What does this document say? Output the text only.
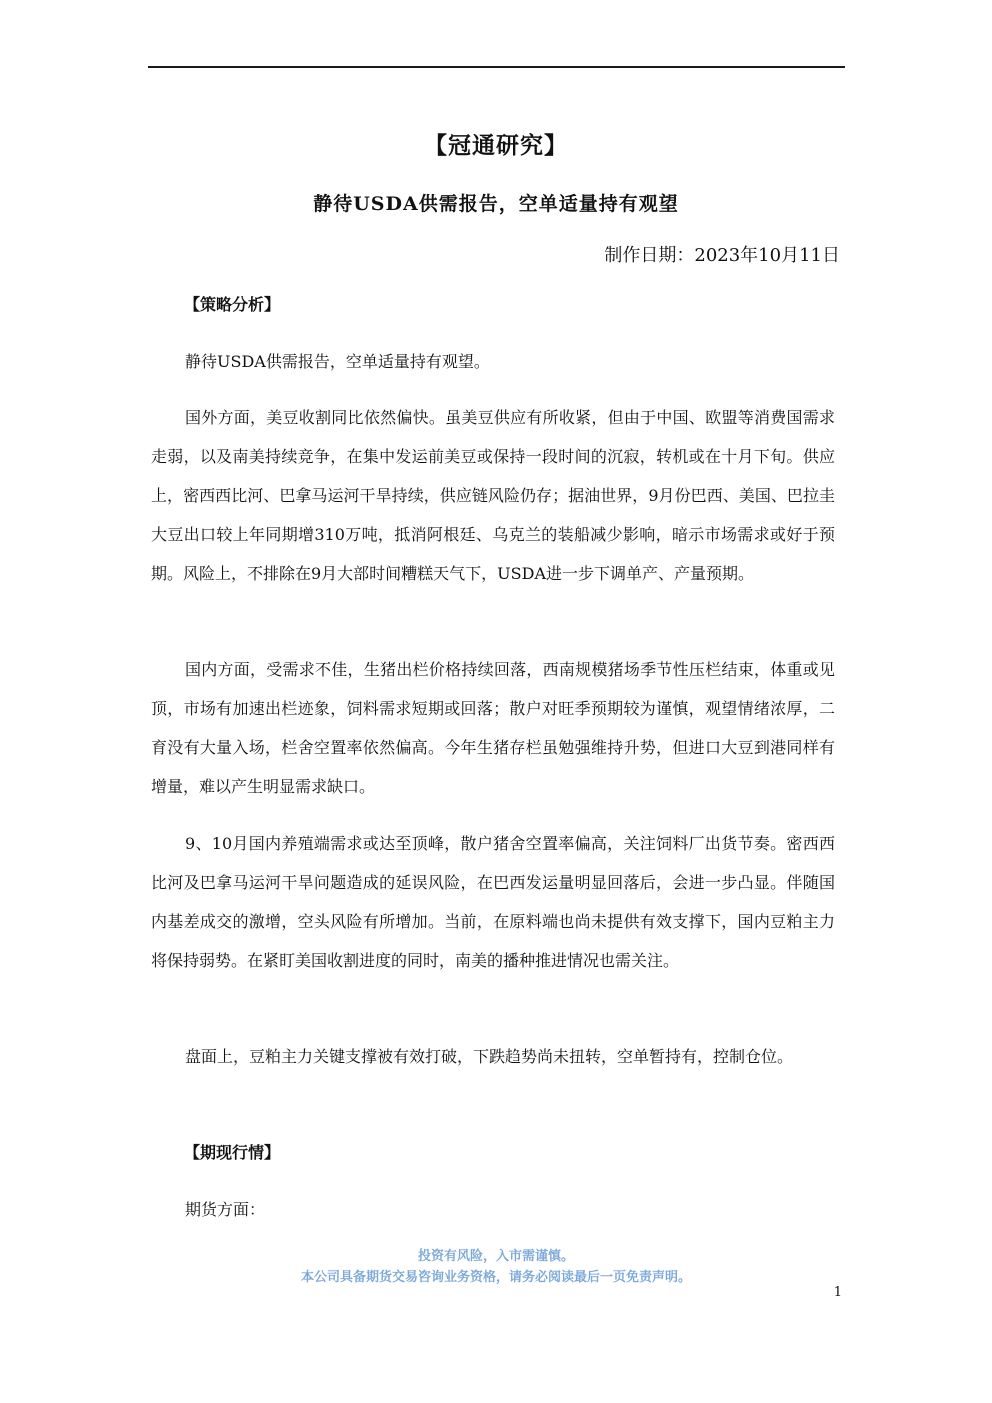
【冠通研究】
静待USDA供需报告，空单适量持有观望
制作日期：2023年10月11日
【策略分析】

静待USDA供需报告，空单适量持有观望。

国外方面，美豆收割同比依然偏快。虽美豆供应有所收紧，但由于中国、欧盟等消费国需求走弱，以及南美持续竞争，在集中发运前美豆或保持一段时间的沉寂，转机或在十月下旬。供应上，密西西比河、巴拿马运河干旱持续，供应链风险仍存；据油世界，9月份巴西、美国、巴拉圭大豆出口较上年同期增310万吨，抵消阿根廷、乌克兰的装船减少影响，暗示市场需求或好于预期。风险上，不排除在9月大部时间糟糕天气下，USDA进一步下调单产、产量预期。

国内方面，受需求不佳，生猪出栏价格持续回落，西南规模猪场季节性压栏结束，体重或见顶，市场有加速出栏迹象，饲料需求短期或回落；散户对旺季预期较为谨慎，观望情绪浓厚，二育没有大量入场，栏舍空置率依然偏高。今年生猪存栏虽勉强维持升势，但进口大豆到港同样有增量，难以产生明显需求缺口。

9、10月国内养殖端需求或达至顶峰，散户猪舍空置率偏高，关注饲料厂出货节奏。密西西比河及巴拿马运河干旱问题造成的延误风险，在巴西发运量明显回落后，会进一步凸显。伴随国内基差成交的激增，空头风险有所增加。当前，在原料端也尚未提供有效支撑下，国内豆粕主力将保持弱势。在紧盯美国收割进度的同时，南美的播种推进情况也需关注。

盘面上，豆粕主力关键支撑被有效打破，下跌趋势尚未扭转，空单暂持有，控制仓位。

【期现行情】

期货方面：

投资有风险，入市需谨慎。
本公司具备期货交易咨询业务资格，请务必阅读最后一页免责声明。
1
